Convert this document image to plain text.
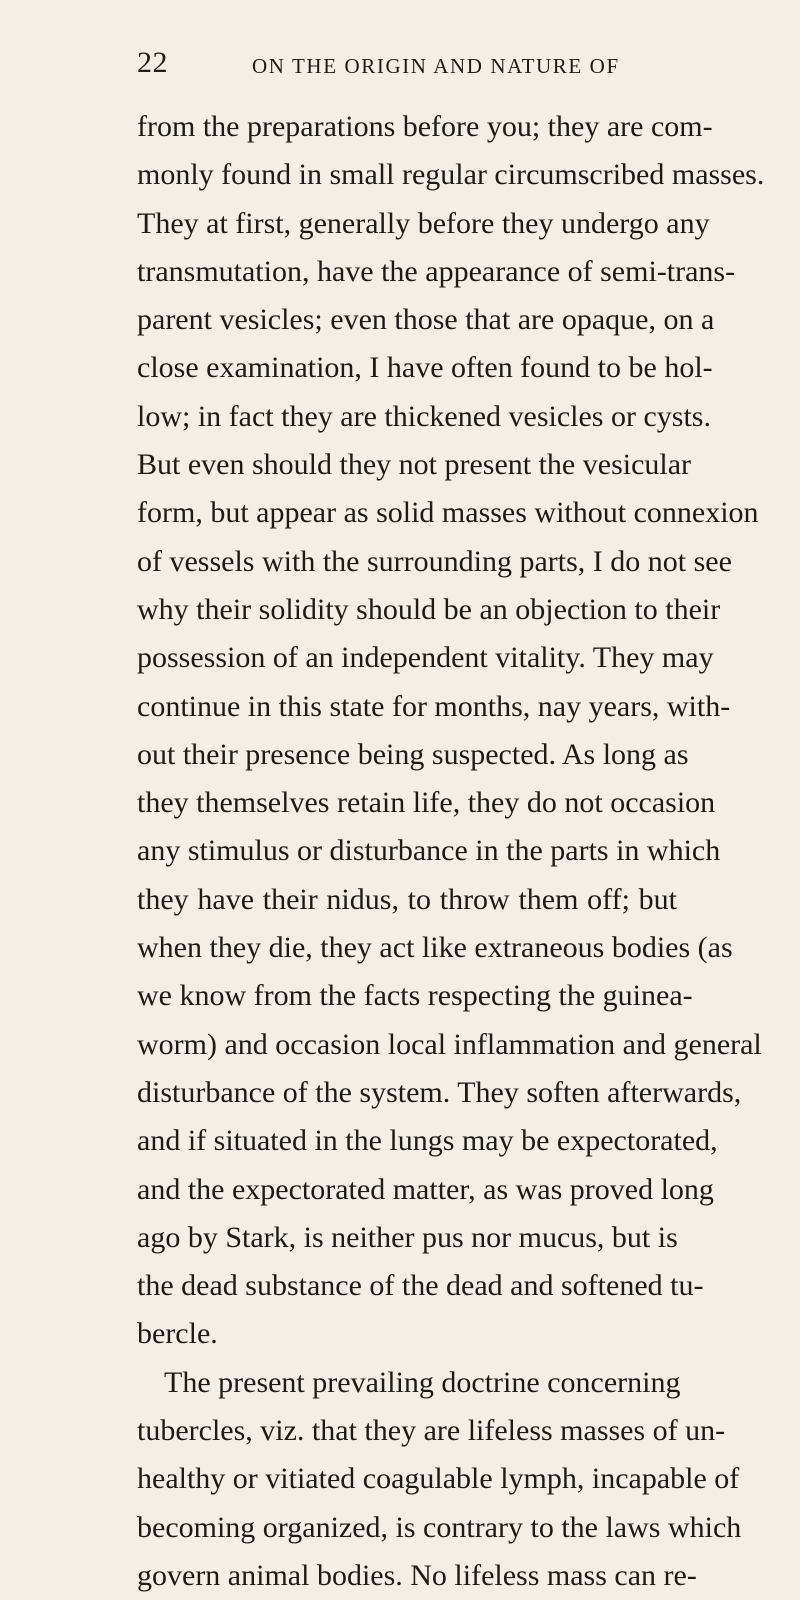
22	ON THE ORIGIN AND NATURE OF
from the preparations before you; they are com-
monly found in small regular circumscribed masses.
They at first, generally before they undergo any
transmutation, have the appearance of semi-trans-
parent vesicles; even those that are opaque, on a
close examination, I have often found to be hol-
low; in fact they are thickened vesicles or cysts.
But even should they not present the vesicular
form, but appear as solid masses without connexion
of vessels with the surrounding parts, I do not see
why their solidity should be an objection to their
possession of an independent vitality. They may
continue in this state for months, nay years, with-
out their presence being suspected. As long as
they themselves retain life, they do not occasion
any stimulus or disturbance in the parts in which
they have their nidus, to throw them off; but
when they die, they act like extraneous bodies (as
we know from the facts respecting the guinea-
worm) and occasion local inflammation and general
disturbance of the system. They soften afterwards,
and if situated in the lungs may be expectorated,
and the expectorated matter, as was proved long
ago by Stark, is neither pus nor mucus, but is
the dead substance of the dead and softened tu-
bercle.
The present prevailing doctrine concerning
tubercles, viz. that they are lifeless masses of un-
healthy or vitiated coagulable lymph, incapable of
becoming organized, is contrary to the laws which
govern animal bodies. No lifeless mass can re-
